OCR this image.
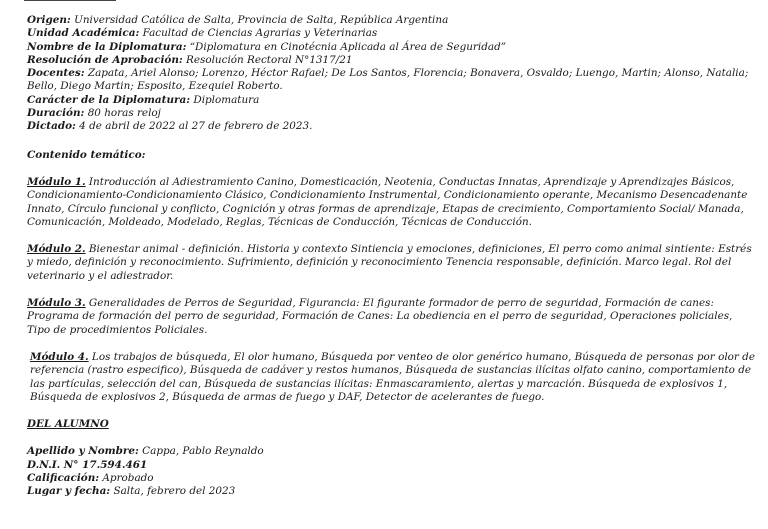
Origen: Universidad Católica de Salta, Provincia de Salta, República Argentina

Unidad Académica: Facultad de Ciencias Agrarias y Veterinarias

Nombre de la Diplomatura: “Diplomatura en Cinotécnia Aplicada al Área de Seguridad”

Resolución de Aprobación: Resolución Rectoral N°1317/21

Docentes: Zapata, Ariel Alonso; Lorenzo, Héctor Rafael; De Los Santos, Florencia; Bonavera, Osvaldo; Luengo, Martin; Alonso, Natalia; Bello, Diego Martin; Esposito, Ezequiel Roberto.

Carácter de la Diplomatura: Diplomatura

Duración: 80 horas reloj

Dictado: 4 de abril de 2022 al 27 de febrero de 2023.

Contenido temático:

Módulo 1. Introducción al Adiestramiento Canino, Domesticación, Neotenia, Conductas Innatas, Aprendizaje y Aprendizajes Básicos, Condicionamiento-Condicionamiento Clásico, Condicionamiento Instrumental, Condicionamiento operante, Mecanismo Desencadenante Innato, Círculo funcional y conflicto, Cognición y otras formas de aprendizaje, Etapas de crecimiento, Comportamiento Social/ Manada, Comunicación, Moldeado, Modelado, Reglas, Técnicas de Conducción, Técnicas de Conducción.

Módulo 2. Bienestar animal - definición. Historia y contexto Sintiencia y emociones, definiciones, El perro como animal sintiente: Estrés y miedo, definición y reconocimiento. Sufrimiento, definición y reconocimiento Tenencia responsable, definición. Marco legal. Rol del veterinario y el adiestrador.

Módulo 3. Generalidades de Perros de Seguridad, Figurancia: El figurante formador de perro de seguridad, Formación de canes: Programa de formación del perro de seguridad, Formación de Canes: La obediencia en el perro de seguridad, Operaciones policiales, Tipo de procedimientos Policiales.

Módulo 4. Los trabajos de búsqueda, El olor humano, Búsqueda por venteo de olor genérico humano, Búsqueda de personas por olor de referencia (rastro especifico), Búsqueda de cadáver y restos humanos, Búsqueda de sustancias ilícitas olfato canino, comportamiento de las partículas, selección del can, Búsqueda de sustancias ilícitas: Enmascaramiento, alertas y marcación. Búsqueda de explosivos 1, Búsqueda de explosivos 2, Búsqueda de armas de fuego y DAF, Detector de acelerantes de fuego.

DEL ALUMNO

Apellido y Nombre: Cappa, Pablo Reynaldo

D.N.I. N° 17.594.461

Calificación: Aprobado

Lugar y fecha: Salta, febrero del 2023
